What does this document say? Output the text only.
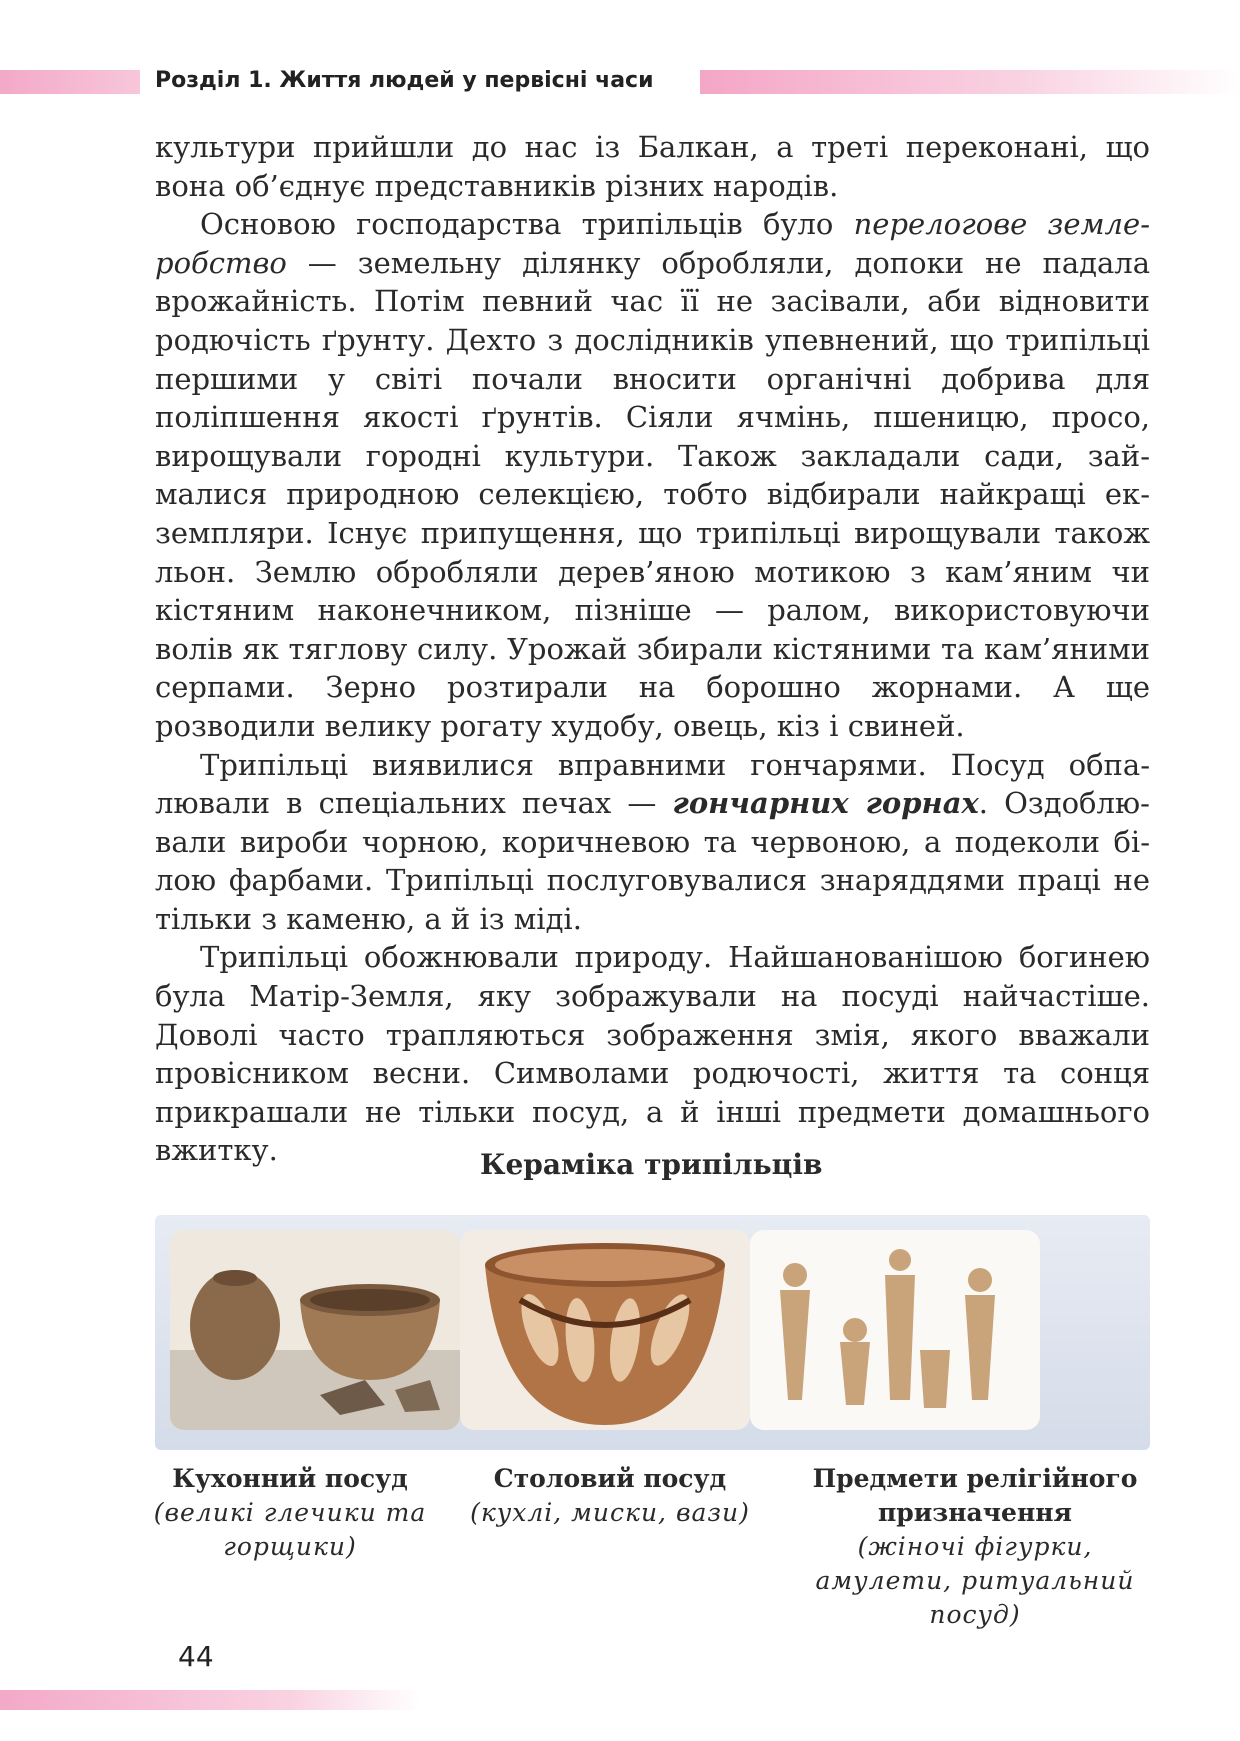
Розділ 1. Життя людей у первісні часи

культури прийшли до нас із Балкан, а треті переконані, що вона об’єднує представників різних народів.

Основою господарства трипільців було перелогове землеробство — земельну ділянку обробляли, допоки не падала врожайність. Потім певний час її не засівали, аби відновити родючість ґрунту. Дехто з дослідників упевнений, що трипільці першими у світі почали вносити органічні добрива для поліпшення якості ґрунтів. Сіяли ячмінь, пшеницю, просо, вирощували городні культури. Також закладали сади, займалися природною селекцією, тобто відбирали найкращі екземпляри. Існує припущення, що трипільці вирощували також льон. Землю обробляли дерев’яною мотикою з кам’яним чи кістяним наконечником, пізніше — ралом, використовуючи волів як тяглову силу. Урожай збирали кістяними та кам’яними серпами. Зерно розтирали на борошно жорнами. А ще розводили велику рогату худобу, овець, кіз і свиней.

Трипільці виявилися вправними гончарями. Посуд обпалювали в спеціальних печах — гончарних горнах. Оздоблювали вироби чорною, коричневою та червоною, а подеколи білою фарбами. Трипільці послуговувалися знаряддями праці не тільки з каменю, а й із міді.

Трипільці обожнювали природу. Найшанованішою богинею була Матір-Земля, яку зображували на посуді найчастіше. Доволі часто трапляються зображення змія, якого вважали провісником весни. Символами родючості, життя та сонця прикрашали не тільки посуд, а й інші предмети домашнього вжитку.	Кераміка трипільців
Кухонний посуд
(великі глечики та горщики)
Столовий посуд
(кухлі, миски, вази)
Предмети релігійного призначення
(жіночі фігурки, амулети, ритуальний посуд)
44
